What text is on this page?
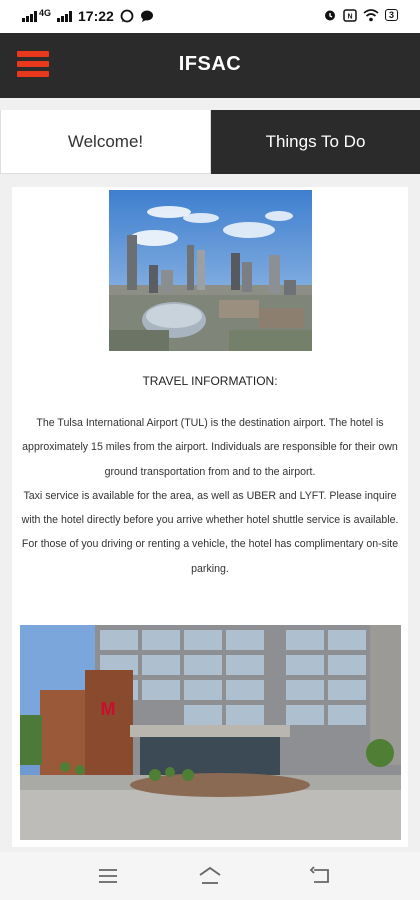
4G 17:22	N	3
IFSAC
Welcome!	Things To Do
TRAVEL INFORMATION:

The Tulsa International Airport (TUL) is the destination airport. The hotel is approximately 15 miles from the airport. Individuals are responsible for their own ground transportation from and to the airport.

Taxi service is available for the area, as well as UBER and LYFT. Please inquire with the hotel directly before you arrive whether hotel shuttle service is available. For those of you driving or renting a vehicle, the hotel has complimentary on-site parking.

M
